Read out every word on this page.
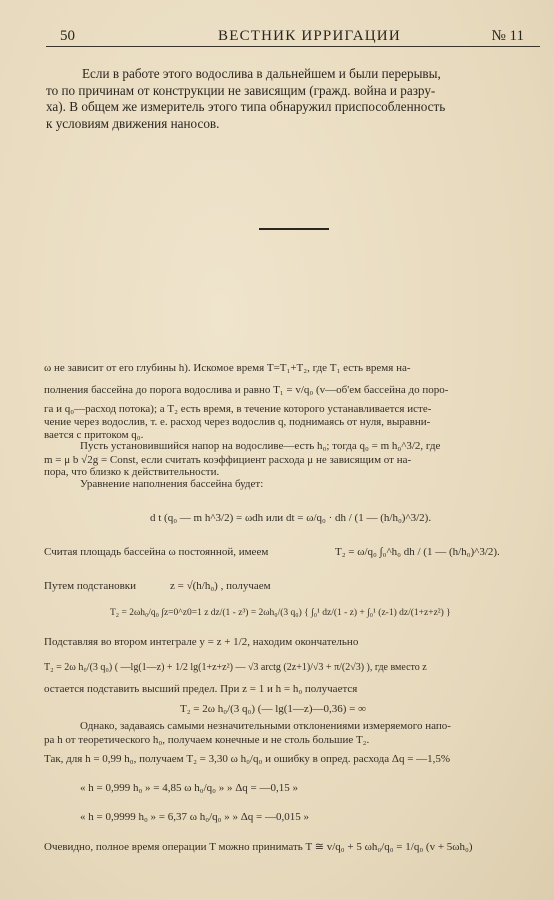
50	ВЕСТНИК ИРРИГАЦИИ	№ 11
Если в работе этого водослива в дальнейшем и были перерывы,
то по причинам от конструкции не зависящим (гражд. война и разру-
ха). В общем же измеритель этого типа обнаружил приспособленность
к условиям движения наносов.
ω не зависит от его глубины h). Искомое время T=T₁+T₂, где T₁ есть время на-
полнения бассейна до порога водослива и равно T₁ = v/q₀ (v—об'ем бассейна до поро-
га и q₀—расход потока); а T₂ есть время, в течение которого устанавливается исте-
чение через водослив, т. е. расход через водослив q, поднимаясь от нуля, выравни-
вается с притоком q₀.
Пусть установившийся напор на водосливе—есть h₀; тогда q₀ = m h₀^3/2, где
m = μ b √2g = Const, если считать коэффициент расхода μ не зависящим от на-
пора, что близко к действительности.
Уравнение наполнения бассейна будет:
d t (q₀ — m h^3/2) = ωdh или dt = ω/q₀ · dh / (1 — (h/h₀)^3/2).
Считая площадь бассейна ω постоянной, имеем	T₂ = ω/q₀ ∫₀^h₀ dh / (1 — (h/h₀)^3/2).
Путем подстановки	z = √(h/h₀) , получаем
T₂ = 2ωh₀/q₀ ∫z=0^z0=1 z dz/(1 - z³) = 2ωh₀/(3 q₀) { ∫₀¹ dz/(1 - z) + ∫₀¹ (z-1) dz/(1+z+z²) }
Подставляя во втором интеграле y = z + 1/2, находим окончательно
T₂ = 2ω h₀/(3 q₀) ( —lg(1—z) + 1/2 lg(1+z+z²) — √3 arctg (2z+1)/√3 + π/(2√3) ), где вместо z
остается подставить высший предел. При z = 1 и h = h₀ получается
T₂ = 2ω h₀/(3 q₀) (— lg(1—z)—0,36) = ∞
Однако, задаваясь самыми незначительными отклонениями измеряемого напо-
ра h от теоретического h₀, получаем конечные и не столь большие T₂.
Так, для h = 0,99 h₀, получаем T₂ = 3,30 ω h₀/q₀ и ошибку в опред. расхода Δq = —1,5%
« h = 0,999 h₀ » = 4,85 ω h₀/q₀ » » Δq = —0,15 »
« h = 0,9999 h₀ » = 6,37 ω h₀/q₀ » » Δq = —0,015 »
Очевидно, полное время операции T можно принимать T ≅ v/q₀ + 5 ωh₀/q₀ = 1/q₀ (v + 5ωh₀)
